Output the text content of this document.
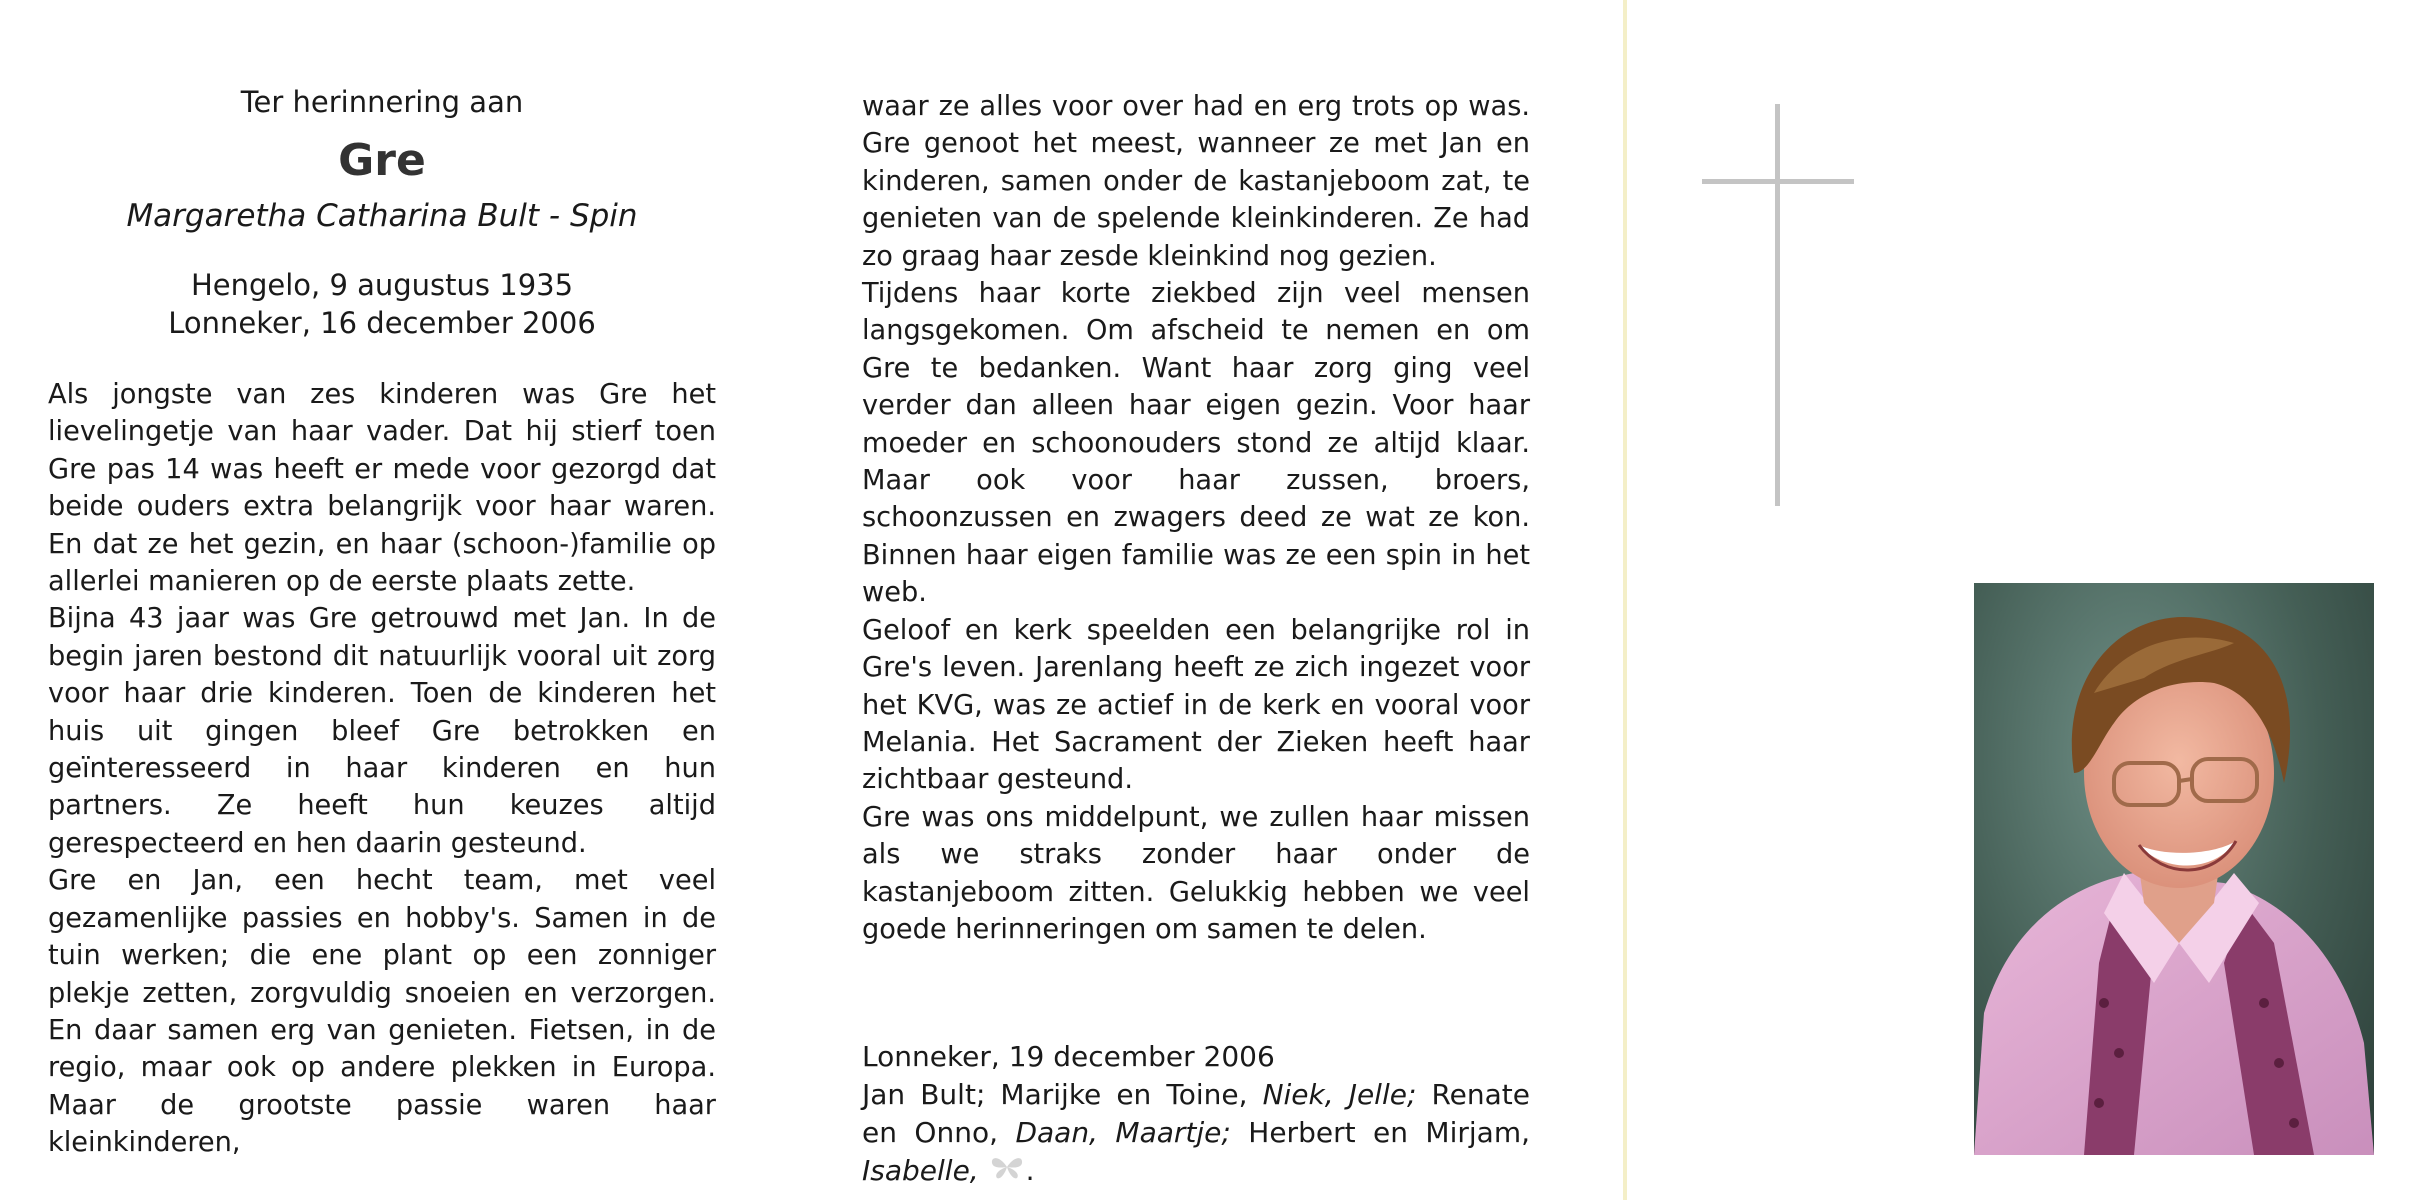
Ter herinnering aan

Gre

Margaretha Catharina Bult - Spin

Hengelo, 9 augustus 1935
Lonneker, 16 december 2006

Als jongste van zes kinderen was Gre het lievelingetje van haar vader. Dat hij stierf toen Gre pas 14 was heeft er mede voor gezorgd dat beide ouders extra belangrijk voor haar waren. En dat ze het gezin, en haar (schoon-)familie op allerlei manieren op de eerste plaats zette.

Bijna 43 jaar was Gre getrouwd met Jan. In de begin jaren bestond dit natuurlijk vooral uit zorg voor haar drie kinderen. Toen de kinderen het huis uit gingen bleef Gre betrokken en geïnteresseerd in haar kinderen en hun partners. Ze heeft hun keuzes altijd gerespecteerd en hen daarin gesteund.

Gre en Jan, een hecht team, met veel gezamenlijke passies en hobby's. Samen in de tuin werken; die ene plant op een zonniger plekje zetten, zorgvuldig snoeien en verzorgen. En daar samen erg van genieten. Fietsen, in de regio, maar ook op andere plekken in Europa. Maar de grootste passie waren haar kleinkinderen,

waar ze alles voor over had en erg trots op was. Gre genoot het meest, wanneer ze met Jan en kinderen, samen onder de kastanjeboom zat, te genieten van de spelende kleinkinderen. Ze had zo graag haar zesde kleinkind nog gezien.

Tijdens haar korte ziekbed zijn veel mensen langsgekomen. Om afscheid te nemen en om Gre te bedanken. Want haar zorg ging veel verder dan alleen haar eigen gezin. Voor haar moeder en schoonouders stond ze altijd klaar. Maar ook voor haar zussen, broers, schoonzussen en zwagers deed ze wat ze kon. Binnen haar eigen familie was ze een spin in het web.

Geloof en kerk speelden een belangrijke rol in Gre's leven. Jarenlang heeft ze zich ingezet voor het KVG, was ze actief in de kerk en vooral voor Melania. Het Sacrament der Zieken heeft haar zichtbaar gesteund.

Gre was ons middelpunt, we zullen haar missen als we straks zonder haar onder de kastanjeboom zitten. Gelukkig hebben we veel goede herinneringen om samen te delen.

Lonneker, 19 december 2006

Jan Bult; Marijke en Toine, Niek, Jelle; Renate en Onno, Daan, Maartje; Herbert en Mirjam, Isabelle, .
